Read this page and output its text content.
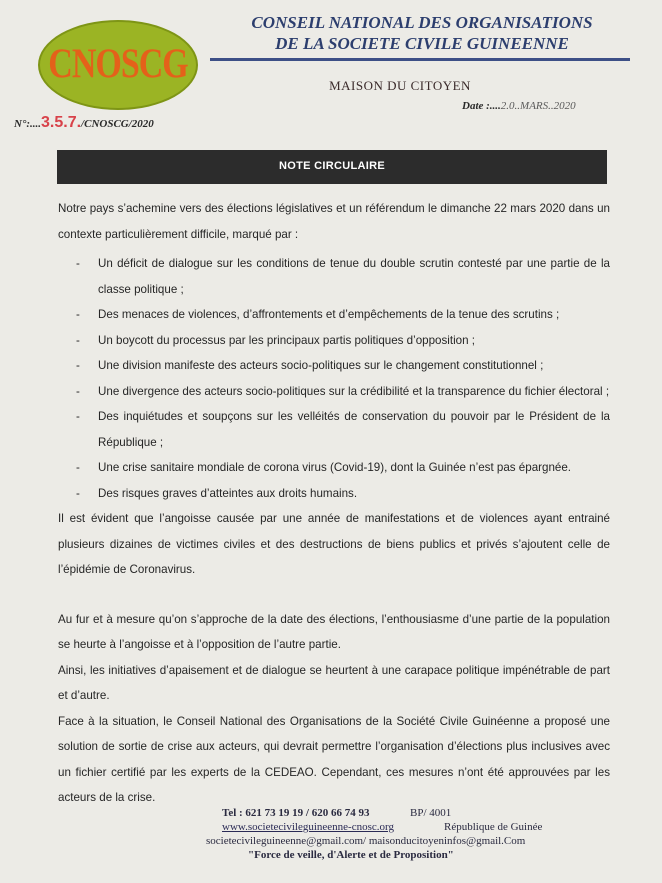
CNOSCG
CONSEIL NATIONAL DES ORGANISATIONS
DE LA SOCIETE CIVILE GUINEENNE
MAISON DU CITOYEN
N°:....3.5.7./CNOSCG/2020
Date :....2.0..MARS..2020
NOTE CIRCULAIRE

Notre pays s’achemine vers des élections législatives et un référendum le dimanche 22 mars 2020 dans un contexte particulièrement difficile, marqué par :

- Un déficit de dialogue sur les conditions de tenue du double scrutin contesté par une partie de la classe politique ;
- Des menaces de violences, d’affrontements et d’empêchements de la tenue des scrutins ;
- Un boycott du processus par les principaux partis politiques d’opposition ;
- Une division manifeste des acteurs socio-politiques sur le changement constitutionnel ;
- Une divergence des acteurs socio-politiques sur la crédibilité et la transparence du fichier électoral ;
- Des inquiétudes et soupçons sur les velléités de conservation du pouvoir par le Président de la République ;
- Une crise sanitaire mondiale de corona virus (Covid-19), dont la Guinée n’est pas épargnée.
- Des risques graves d’atteintes aux droits humains.

Il est évident que l’angoisse causée par une année de manifestations et de violences ayant entrainé plusieurs dizaines de victimes civiles et des destructions de biens publics et privés s’ajoutent celle de l’épidémie de Coronavirus.

Au fur et à mesure qu’on s’approche de la date des élections, l’enthousiasme d’une partie de la population se heurte à l’angoisse et à l’opposition de l’autre partie.

Ainsi, les initiatives d’apaisement et de dialogue se heurtent à une carapace politique impénétrable de part et d’autre.

Face à la situation, le Conseil National des Organisations de la Société Civile Guinéenne a proposé une solution de sortie de crise aux acteurs, qui devrait permettre l’organisation d’élections plus inclusives avec un fichier certifié par les experts de la CEDEAO. Cependant, ces mesures n’ont été approuvées par les acteurs de la crise.

Tel : 621 73 19 19 / 620 66 74 93	BP/ 4001
www.societecivileguineenne-cnosc.org	République de Guinée
societecivileguineenne@gmail.com/ maisonducitoyeninfos@gmail.Com
"Force de veille, d'Alerte et de Proposition"
